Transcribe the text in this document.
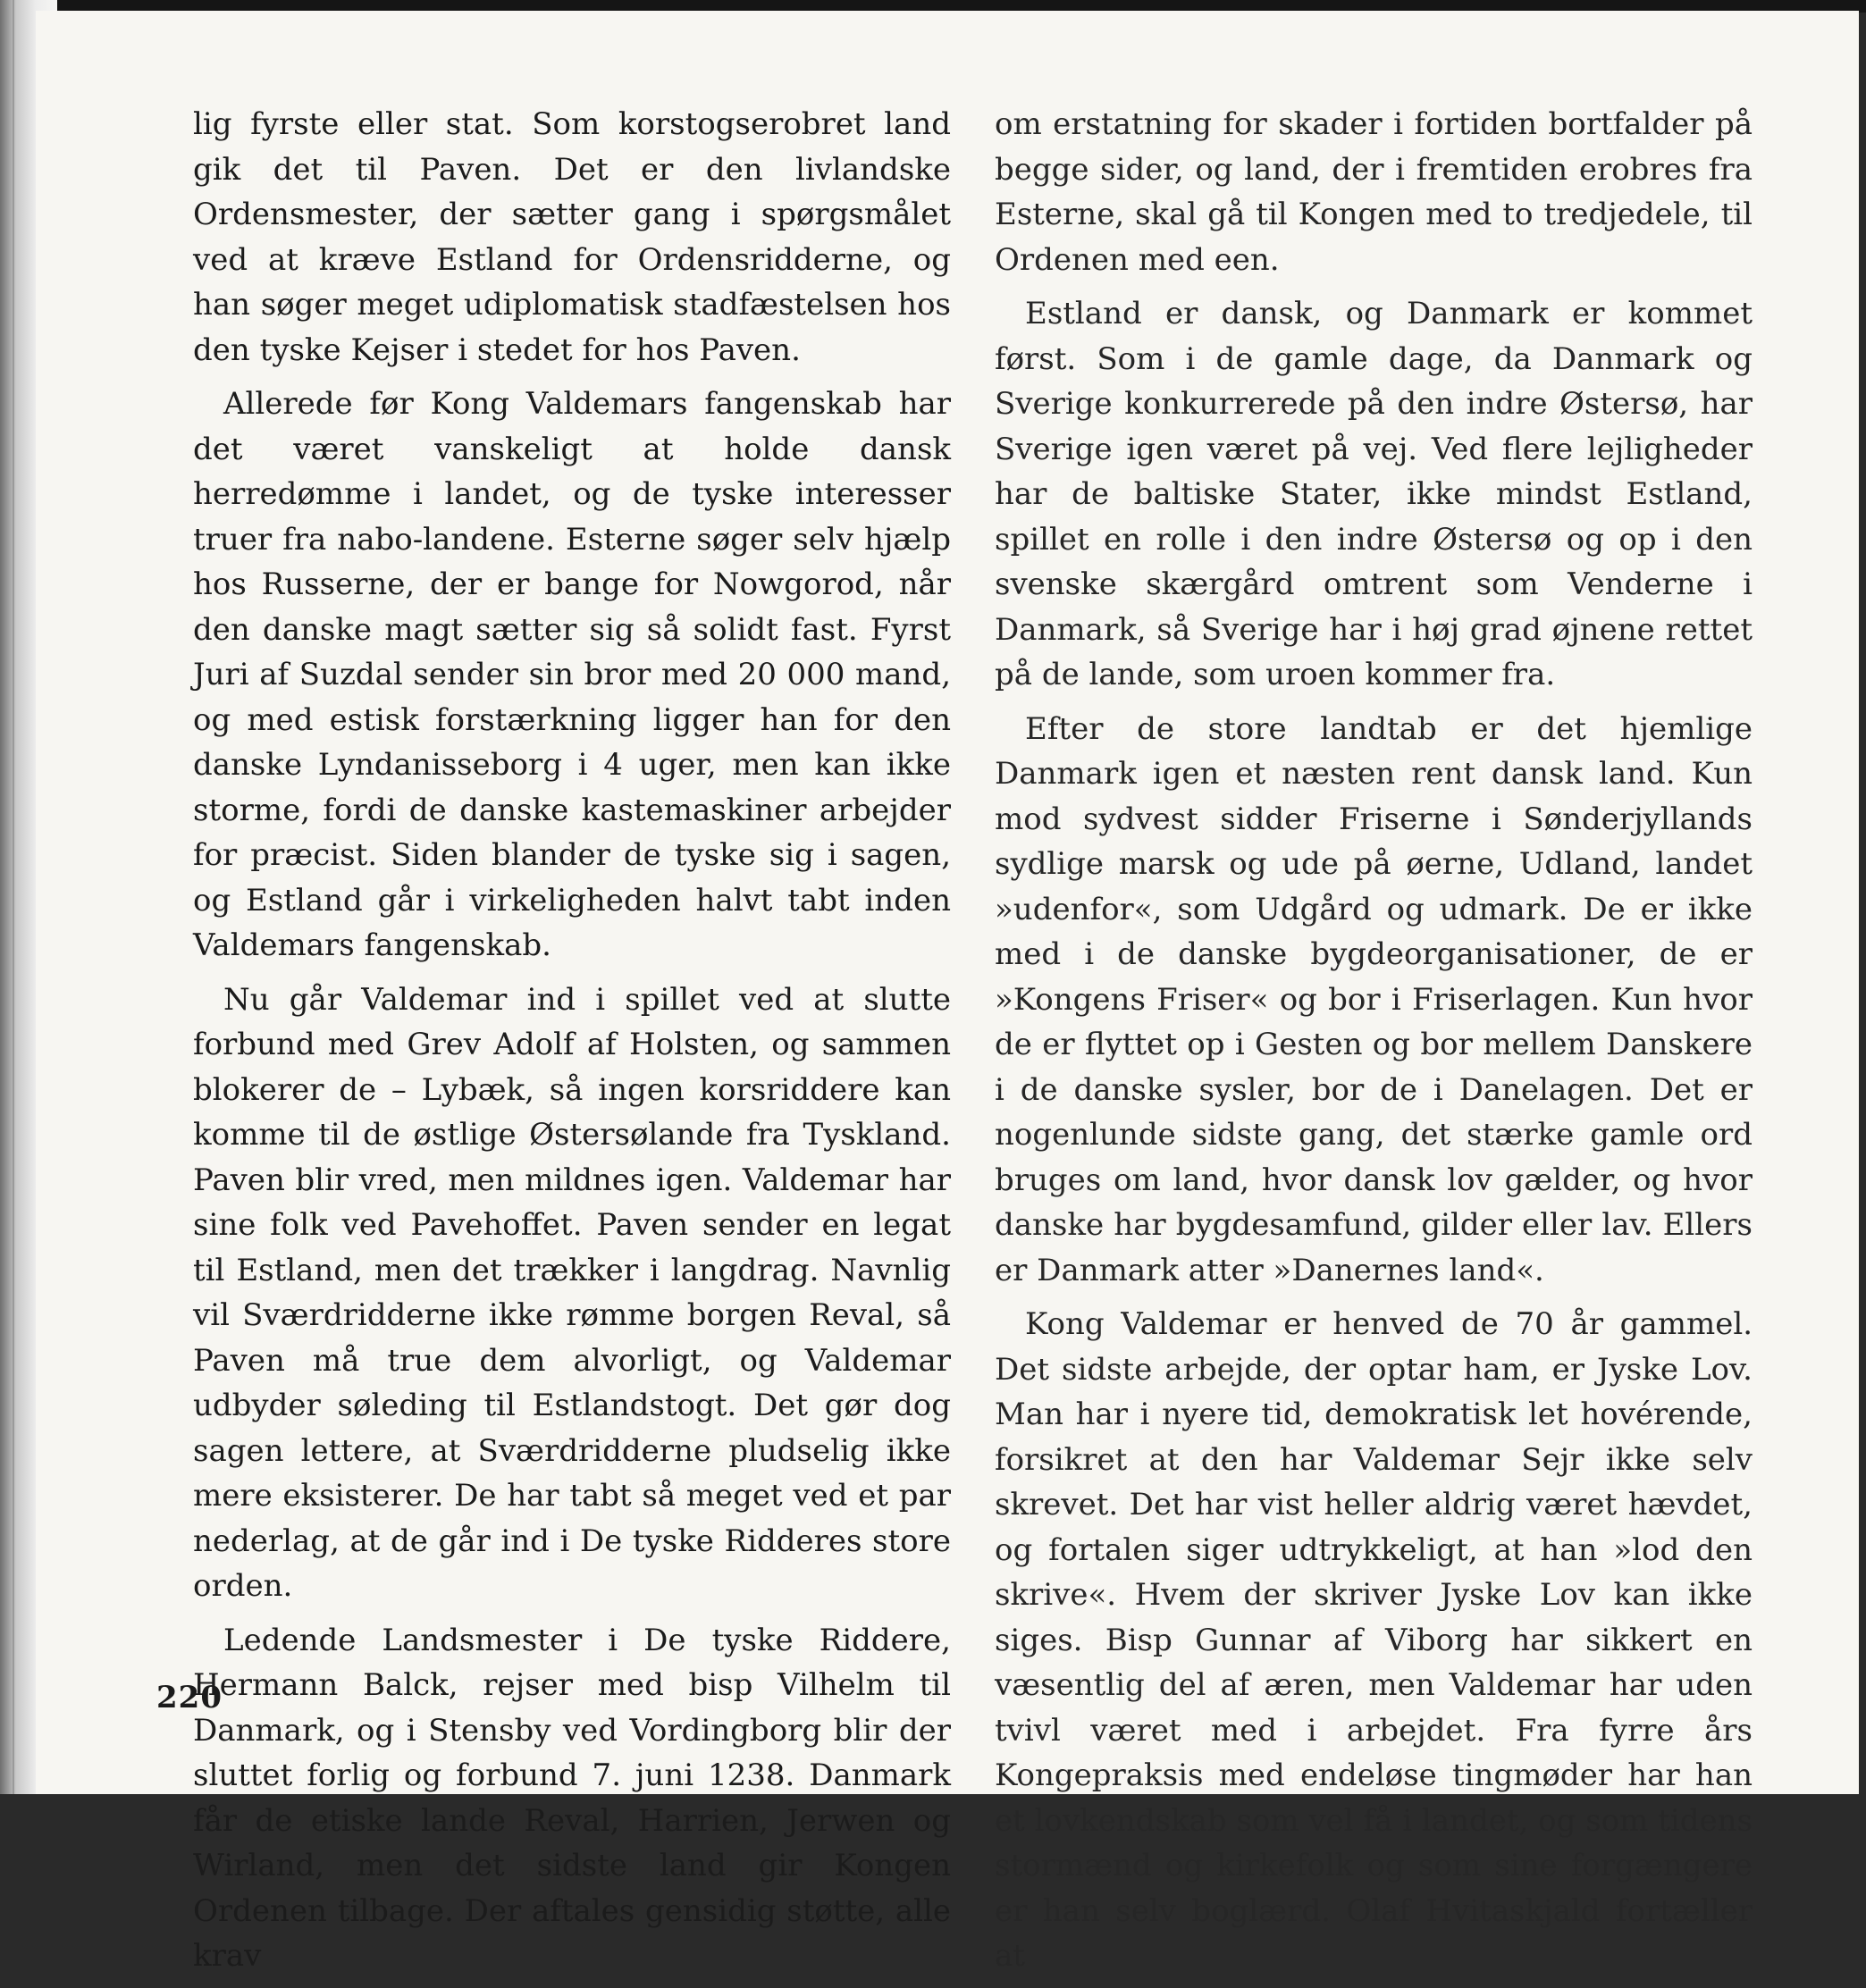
lig fyrste eller stat. Som korstogserobret land gik det til Paven. Det er den livlandske Ordensmester, der sætter gang i spørgsmålet ved at kræve Estland for Ordensridderne, og han søger meget udiplomatisk stadfæstelsen hos den tyske Kejser i stedet for hos Paven.

Allerede før Kong Valdemars fangenskab har det været vanskeligt at holde dansk herredømme i landet, og de tyske interesser truer fra nabo-landene. Esterne søger selv hjælp hos Russerne, der er bange for Nowgorod, når den danske magt sætter sig så solidt fast. Fyrst Juri af Suzdal sender sin bror med 20 000 mand, og med estisk forstærkning ligger han for den danske Lyndanisseborg i 4 uger, men kan ikke storme, fordi de danske kastemaskiner arbejder for præcist. Siden blander de tyske sig i sagen, og Estland går i virkeligheden halvt tabt inden Valdemars fangenskab.

Nu går Valdemar ind i spillet ved at slutte forbund med Grev Adolf af Holsten, og sammen blokerer de – Lybæk, så ingen korsriddere kan komme til de østlige Østersølande fra Tyskland. Paven blir vred, men mildnes igen. Valdemar har sine folk ved Pavehoffet. Paven sender en legat til Estland, men det trækker i langdrag. Navnlig vil Sværdridderne ikke rømme borgen Reval, så Paven må true dem alvorligt, og Valdemar udbyder søleding til Estlandstogt. Det gør dog sagen lettere, at Sværdridderne pludselig ikke mere eksisterer. De har tabt så meget ved et par nederlag, at de går ind i De tyske Ridderes store orden.

Ledende Landsmester i De tyske Riddere, Hermann Balck, rejser med bisp Vilhelm til Danmark, og i Stensby ved Vordingborg blir der sluttet forlig og forbund 7. juni 1238. Danmark får de etiske lande Reval, Harrien, Jerwen og Wirland, men det sidste land gir Kongen Ordenen tilbage. Der aftales gensidig støtte, alle krav

om erstatning for skader i fortiden bortfalder på begge sider, og land, der i fremtiden erobres fra Esterne, skal gå til Kongen med to tredjedele, til Ordenen med een.

Estland er dansk, og Danmark er kommet først. Som i de gamle dage, da Danmark og Sverige konkurrerede på den indre Østersø, har Sverige igen været på vej. Ved flere lejligheder har de baltiske Stater, ikke mindst Estland, spillet en rolle i den indre Østersø og op i den svenske skærgård omtrent som Venderne i Danmark, så Sverige har i høj grad øjnene rettet på de lande, som uroen kommer fra.

Efter de store landtab er det hjemlige Danmark igen et næsten rent dansk land. Kun mod sydvest sidder Friserne i Sønderjyllands sydlige marsk og ude på øerne, Udland, landet »udenfor«, som Udgård og udmark. De er ikke med i de danske bygdeorganisationer, de er »Kongens Friser« og bor i Friserlagen. Kun hvor de er flyttet op i Gesten og bor mellem Danskere i de danske sysler, bor de i Danelagen. Det er nogenlunde sidste gang, det stærke gamle ord bruges om land, hvor dansk lov gælder, og hvor danske har bygdesamfund, gilder eller lav. Ellers er Danmark atter »Danernes land«.

Kong Valdemar er henved de 70 år gammel. Det sidste arbejde, der optar ham, er Jyske Lov. Man har i nyere tid, demokratisk let hovérende, forsikret at den har Valdemar Sejr ikke selv skrevet. Det har vist heller aldrig været hævdet, og fortalen siger udtrykkeligt, at han »lod den skrive«. Hvem der skriver Jyske Lov kan ikke siges. Bisp Gunnar af Viborg har sikkert en væsentlig del af æren, men Valdemar har uden tvivl været med i arbejdet. Fra fyrre års Kongepraksis med endeløse tingmøder har han et lovkendskab som vel få i landet, og som tidens stormænd og kirkefolk og som sine forgængere er han selv boglærd. Olaf Hvitaskjald fortæller at

220
